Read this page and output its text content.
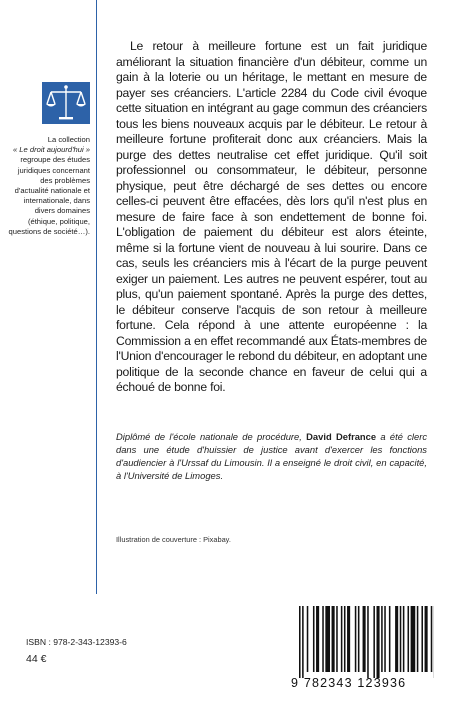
La collection
« Le droit aujourd'hui » regroupe des études juridiques concernant des problèmes d'actualité nationale et internationale, dans divers domaines (éthique, politique, questions de société…).

Le retour à meilleure fortune est un fait juridique améliorant la situation financière d'un débiteur, comme un gain à la loterie ou un héritage, le mettant en mesure de payer ses créanciers. L'article 2284 du Code civil évoque cette situation en intégrant au gage commun des créanciers tous les biens nouveaux acquis par le débiteur. Le retour à meilleure fortune profiterait donc aux créanciers. Mais la purge des dettes neutralise cet effet juridique. Qu'il soit professionnel ou consommateur, le débiteur, personne physique, peut être déchargé de ses dettes ou encore celles-ci peuvent être effacées, dès lors qu'il n'est plus en mesure de faire face à son endettement de bonne foi. L'obligation de paiement du débiteur est alors éteinte, même si la fortune vient de nouveau à lui sourire. Dans ce cas, seuls les créanciers mis à l'écart de la purge peuvent exiger un paiement. Les autres ne peuvent espérer, tout au plus, qu'un paiement spontané. Après la purge des dettes, le débiteur conserve l'acquis de son retour à meilleure fortune. Cela répond à une attente européenne : la Commission a en effet recommandé aux États-membres de l'Union d'encourager le rebond du débiteur, en adoptant une politique de la seconde chance en faveur de celui qui a échoué de bonne foi.

Diplômé de l'école nationale de procédure, David Defrance a été clerc dans une étude d'huissier de justice avant d'exercer les fonctions d'audiencier à l'Urssaf du Limousin. Il a enseigné le droit civil, en capacité, à l'Université de Limoges.

Illustration de couverture : Pixabay.
ISBN : 978-2-343-12393-6
44 €
9 782343 123936
